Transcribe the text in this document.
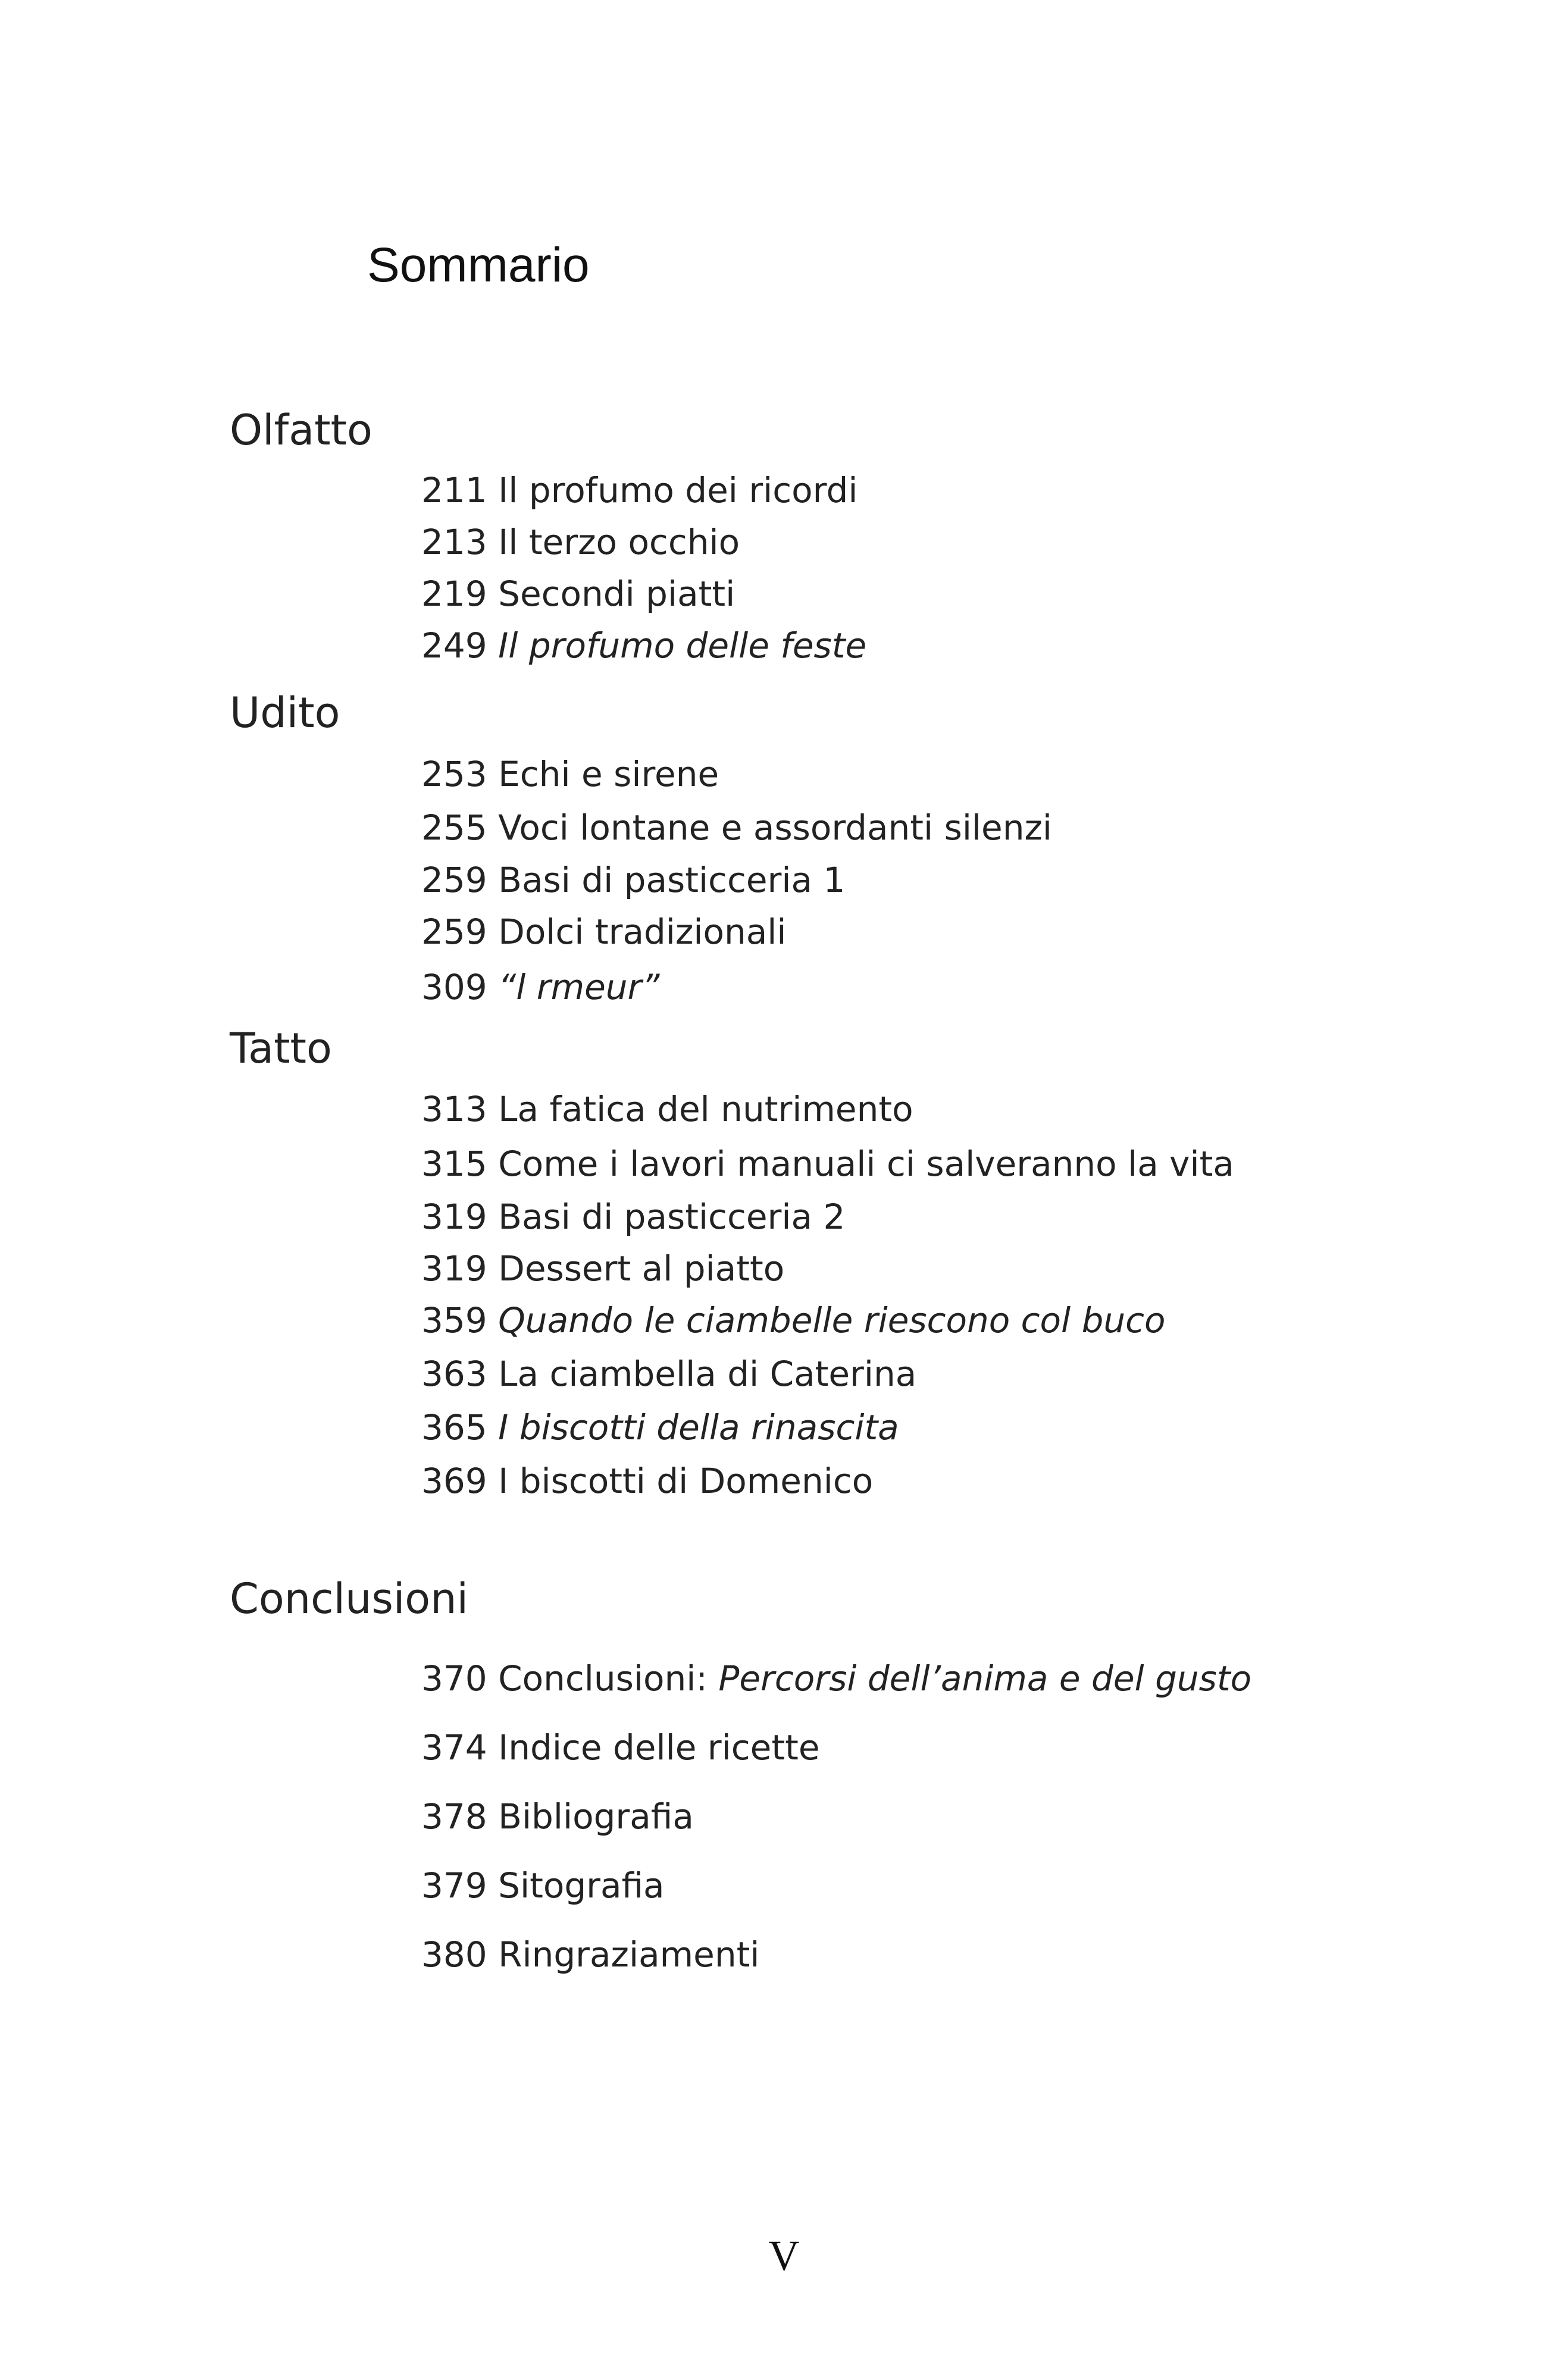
Sommario
Olfatto
211 Il profumo dei ricordi
213 Il terzo occhio
219 Secondi piatti
249 Il profumo delle feste
Udito
253 Echi e sirene
255 Voci lontane e assordanti silenzi
259 Basi di pasticceria 1
259 Dolci tradizionali
309 “l rmeur”
Tatto
313 La fatica del nutrimento
315 Come i lavori manuali ci salveranno la vita
319 Basi di pasticceria 2
319 Dessert al piatto
359 Quando le ciambelle riescono col buco
363 La ciambella di Caterina
365 I biscotti della rinascita
369 I biscotti di Domenico
Conclusioni
370 Conclusioni: Percorsi dell’anima e del gusto
374 Indice delle ricette
378 Bibliografia
379 Sitografia
380 Ringraziamenti
V
